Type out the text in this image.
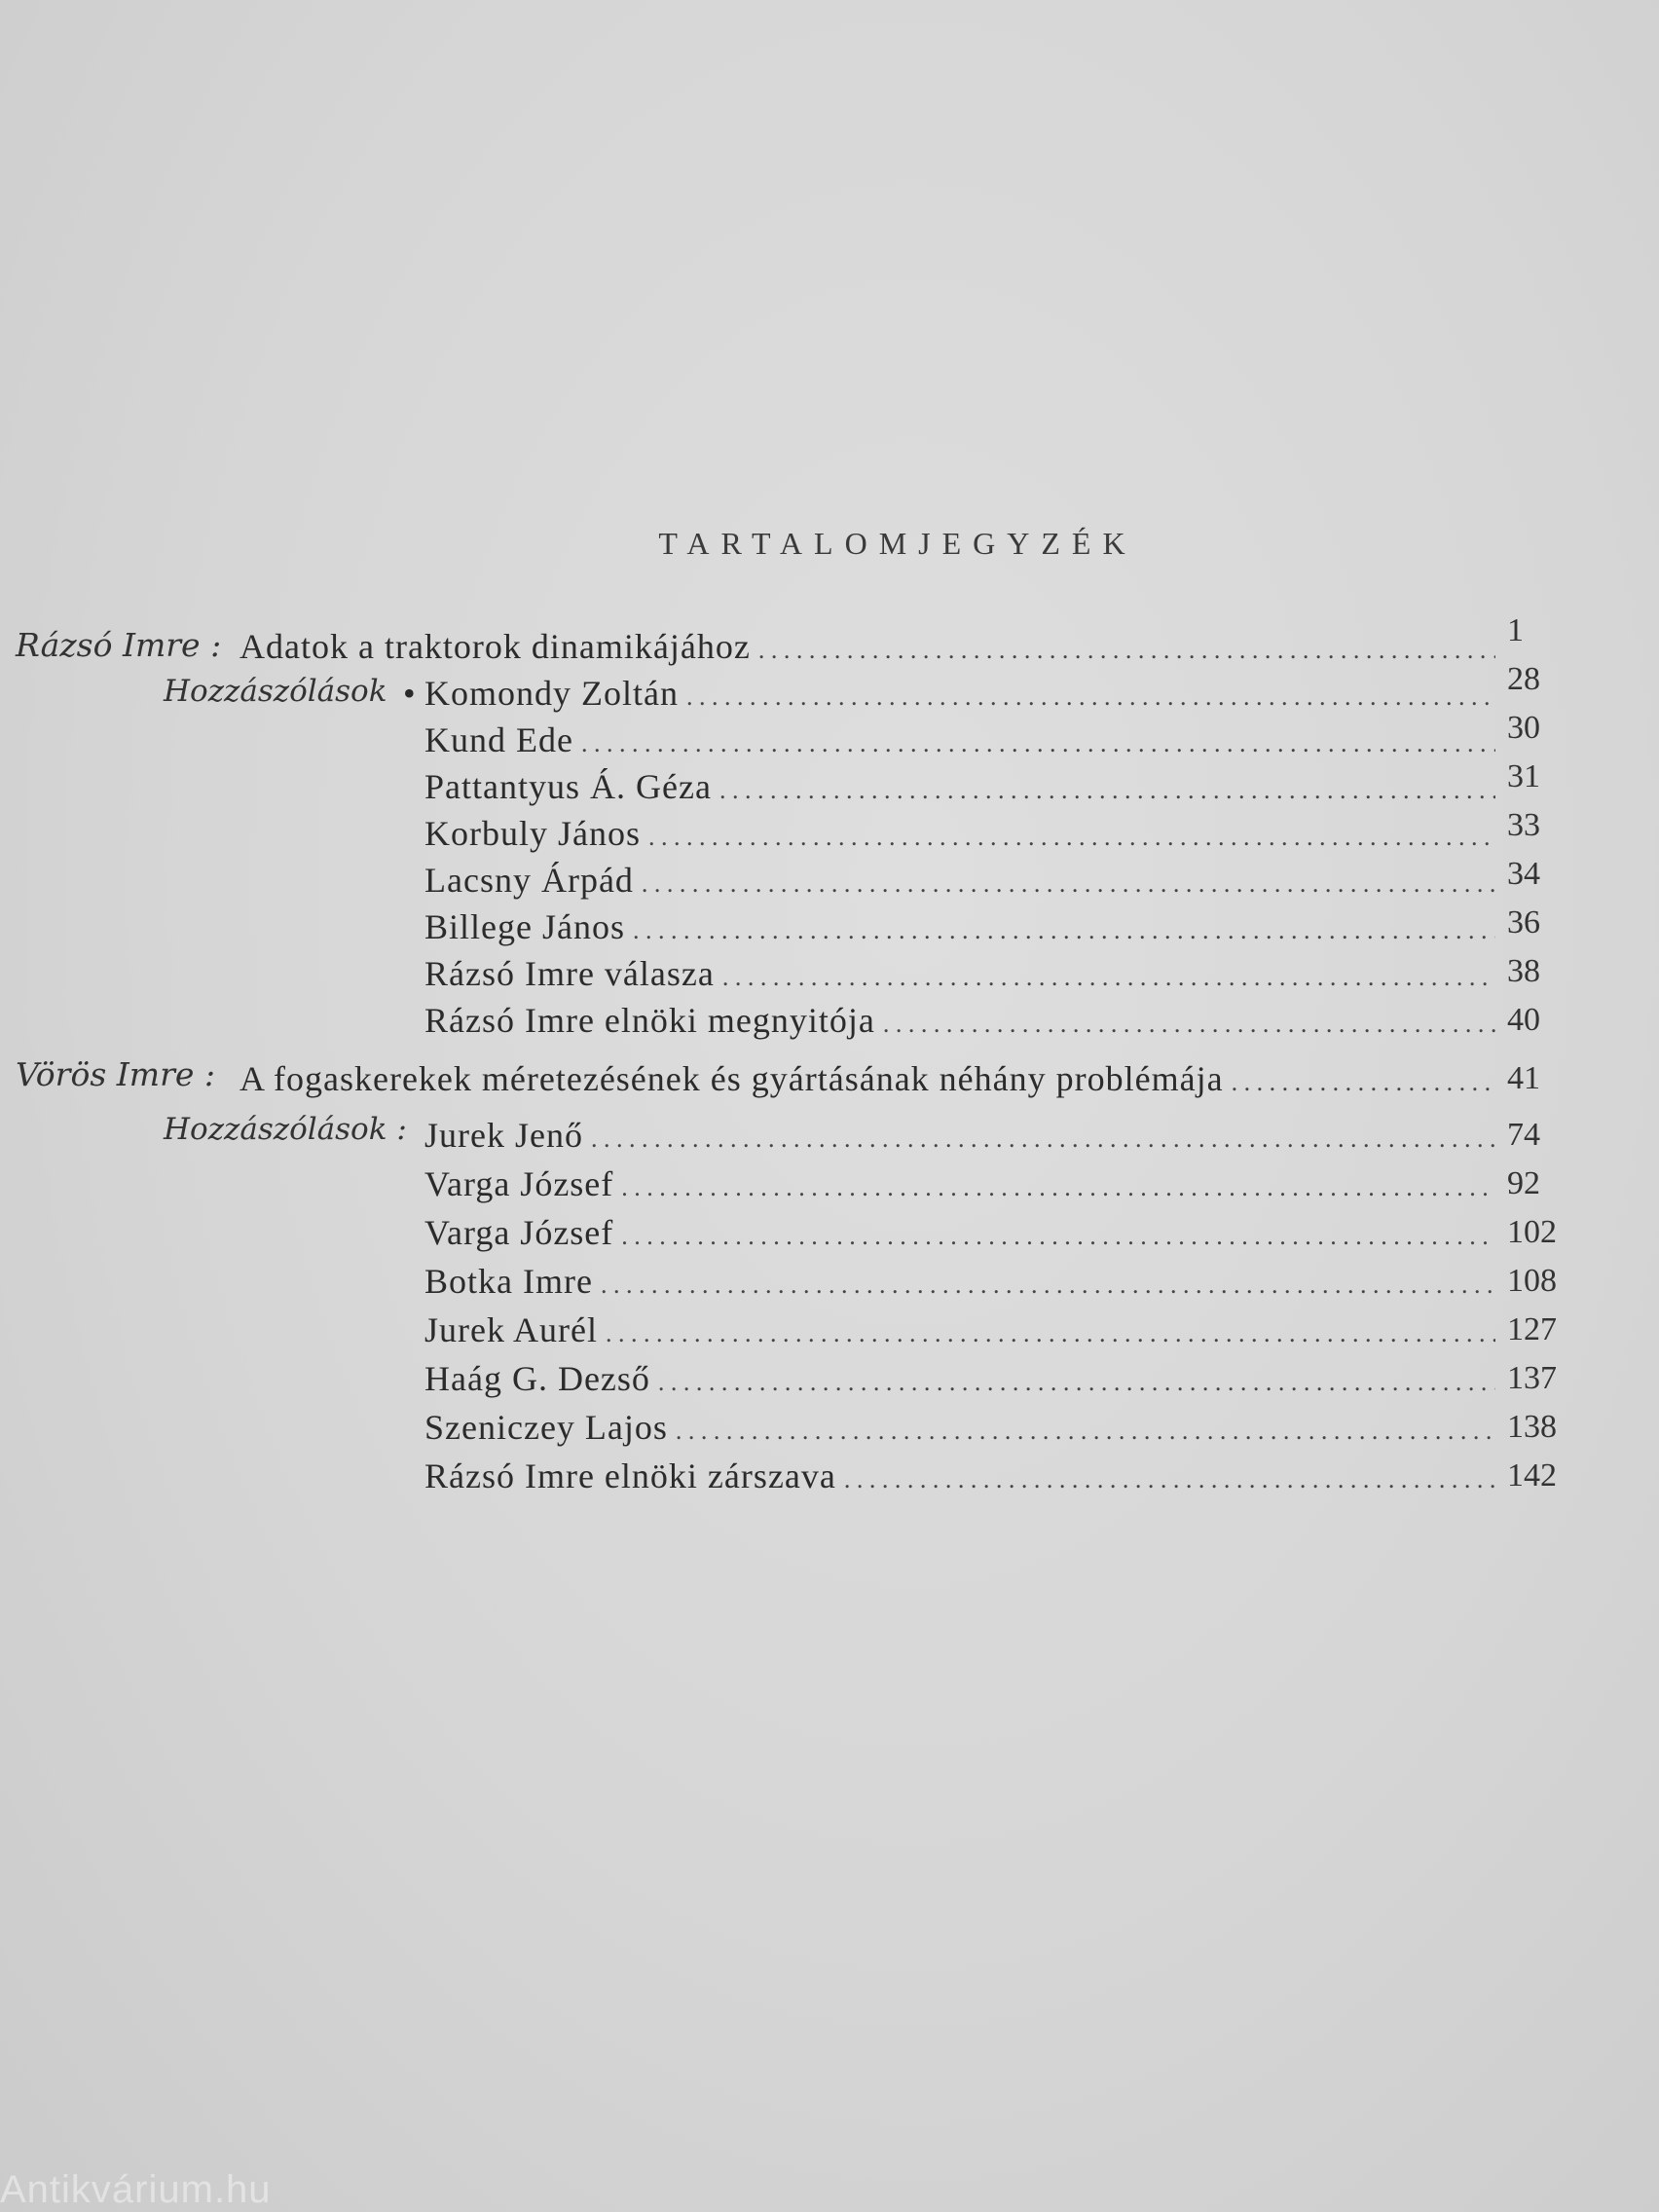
TARTALOMJEGYZÉK
Rázsó Imre : Adatok a traktorok dinamikájához . . .	1
Hozzászólások • Komondy Zoltán . . .	28
Kund Ede . . .	30
Pattantyus Á. Géza . . .	31
Korbuly János . . .	33
Lacsny Árpád . . .	34
Billege János . . .	36
Rázsó Imre válasza . . .	38
Rázsó Imre elnöki megnyitója . . .	40
Vörös Imre : A fogaskerekek méretezésének és gyártásának néhány problémája . . .	41
Hozzászólások : Jurek Jenő . . .	74
Varga József . . .	92
Varga József . . .	102
Botka Imre . . .	108
Jurek Aurél . . .	127
Haág G. Dezső . . .	137
Szeniczey Lajos . . .	138
Rázsó Imre elnöki zárszava . . .	142
Antikvárium.hu
